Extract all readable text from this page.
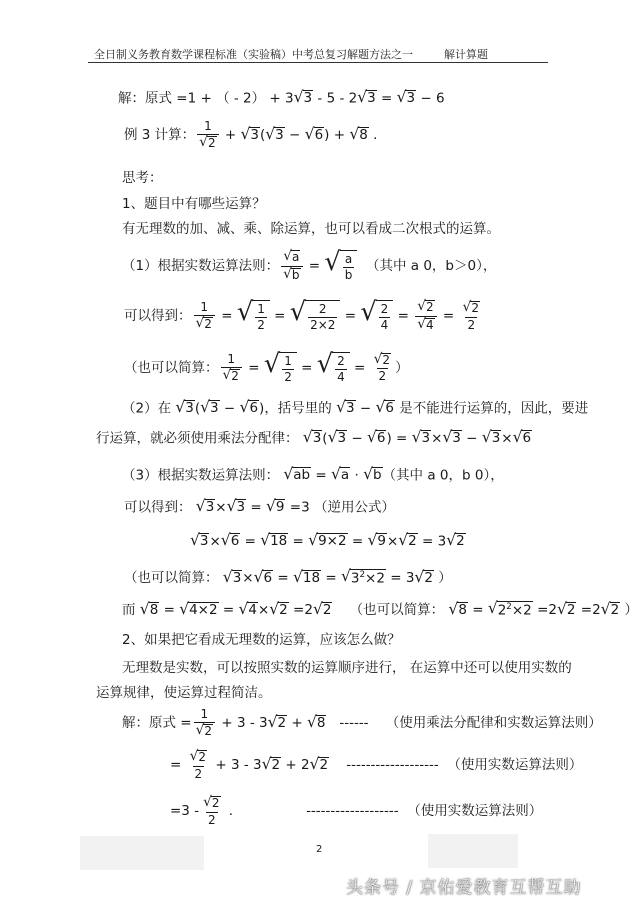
全日制义务教育数学课程标准（实验稿）中考总复习解题方法之一	解计算题
解：原式 =1 + （ - 2） + 3 √ 3 - 5 - 2 √ 3 = √ 3 − 6
例 3 计算： $\frac{1}{√ 2}$ + √ 3 ( √ 3 − √ 6 ) + √ 8 .
思考：
1、题目中有哪些运算？
有无理数的加、减、乘、除运算，也可以看成二次根式的运算。
（1）根据实数运算法则： $\frac{√ a}{√ b}$ = √ $\frac{a}{b}$
（其中 a 0，b＞0），
可以得到： $\frac{1}{√ 2}$ = √ $\frac{1}{2}$ = √ $\frac{2}{2\times 2}$ = √ $\frac{2}{4} = \frac{√ 2}{√ 4} = \frac{√ 2}{2}$
（也可以简算： $\frac{1}{√ 2}$ = √ $\frac{1}{2}$ = √ $\frac{2}{4} = \frac{√ 2}{2}$ ）
（2）在 √ 3 ( √ 3 − √ 6 )，括号里的 √ 3 − √ 6 是不能进行运算的，因此，要进
行运算，就必须使用乘法分配律： √ 3 ( √ 3 − √ 6 ) = √ 3 × √ 3 − √ 3 × √ 6
（3）根据实数运算法则： √ ab = √ a · √ b （其中 a 0，b 0），
可以得到： √ 3 × √ 3 = √ 9 =3 （逆用公式）
√ 3 × √ 6 = √ 18 = √ 9×2 = √ 9 × √ 2 = 3 √ 2
（也可以简算： √ 3 × √ 6 = √ 18 = √ $3^2\times 2 = 3$ √ 2 ）
而 √ 8 = √ 4×2 = √ 4 × √ 2 =2 √ 2 （也可以简算： √ 8 = √ $2^2\times 2 =2$ √ 2 =2 √ 2 ）
2、如果把它看成无理数的运算，应该怎么做？
无理数是实数，可以按照实数的运算顺序进行， 在运算中还可以使用实数的
运算规律，使运算过程简洁。
解：原式 = $\frac{1}{√ 2} + 3 - 3$ √ 2 + √ 8
------
（使用乘法分配律和实数运算法则）
= $\frac{√ 2}{2} + 3 - 3$ √ 2 + 2 √ 2
-------------------
（使用实数运算法则）
$=3 - \frac{√ 2}{2}$ .
	-------------------
（使用实数运算法则）
2
头条号 / 京佑爱教育互帮互助
